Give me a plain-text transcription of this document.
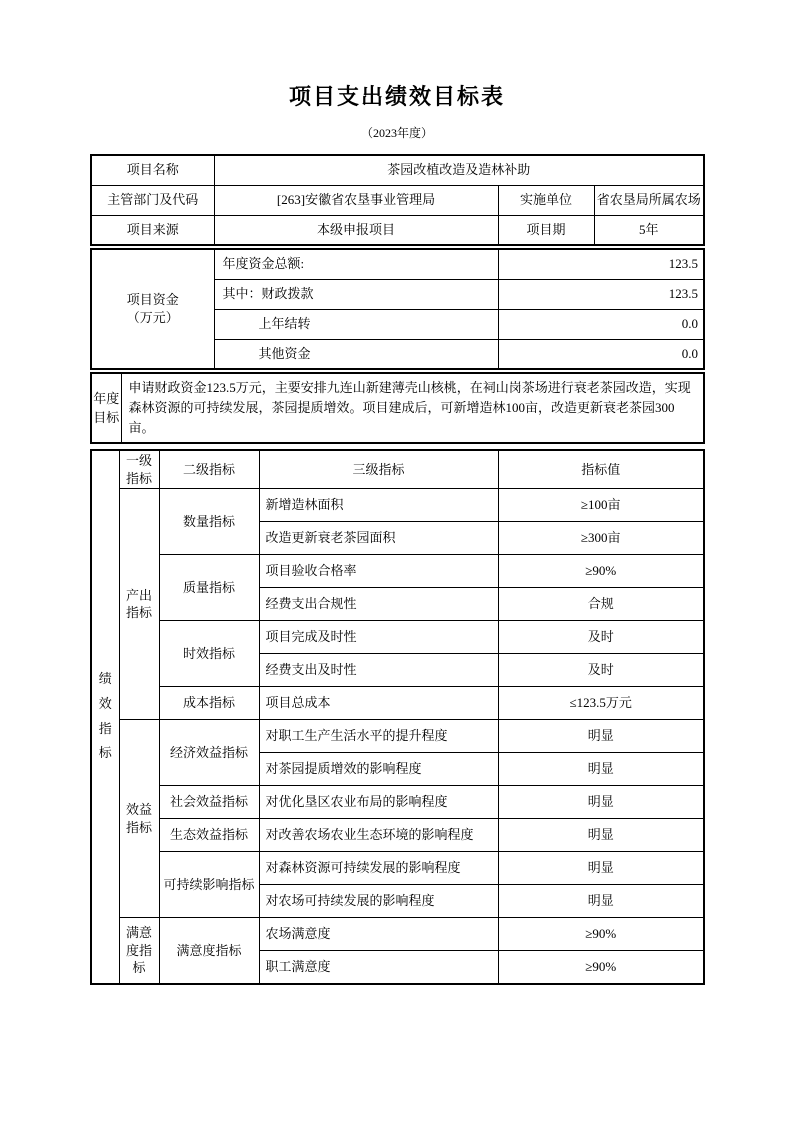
项目支出绩效目标表
（2023年度）
项目名称	茶园改植改造及造林补助		
主管部门及代码	[263]安徽省农垦事业管理局	实施单位	省农垦局所属农场
项目来源	本级申报项目	项目期	5年
项目资金
（万元）	年度资金总额:	123.5
	其中：财政拨款	123.5
	上年结转	0.0
	其他资金	0.0
年度目标	申请财政资金123.5万元，主要安排九连山新建薄壳山核桃，在祠山岗茶场进行衰老茶园改造，实现森林资源的可持续发展，茶园提质增效。项目建成后，可新增造林100亩，改造更新衰老茶园300亩。
绩效指标	一级指标	二级指标	三级指标	指标值
	产出指标	数量指标	新增造林面积	≥100亩
			改造更新衰老茶园面积	≥300亩
		质量指标	项目验收合格率	≥90%
			经费支出合规性	合规
		时效指标	项目完成及时性	及时
			经费支出及时性	及时
		成本指标	项目总成本	≤123.5万元
	效益指标	经济效益指标	对职工生产生活水平的提升程度	明显
			对茶园提质增效的影响程度	明显
		社会效益指标	对优化垦区农业布局的影响程度	明显
		生态效益指标	对改善农场农业生态环境的影响程度	明显
		可持续影响指标	对森林资源可持续发展的影响程度	明显
			对农场可持续发展的影响程度	明显
	满意度指标	满意度指标	农场满意度	≥90%
			职工满意度	≥90%
